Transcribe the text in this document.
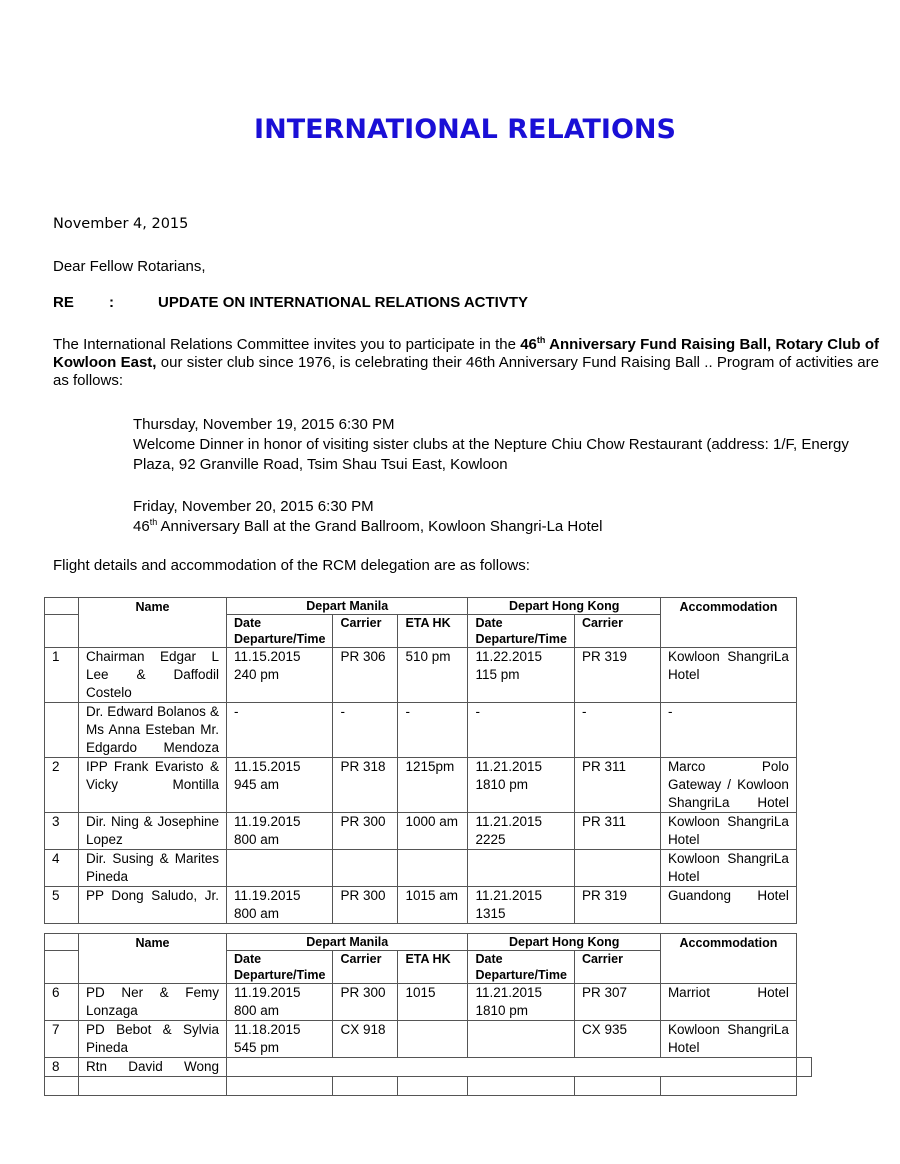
INTERNATIONAL RELATIONS
November 4, 2015
Dear Fellow Rotarians,
RE :	UPDATE ON INTERNATIONAL RELATIONS ACTIVTY
The International Relations Committee invites you to participate in the 46th Anniversary Fund Raising Ball, Rotary Club of Kowloon East, our sister club since 1976, is celebrating their 46th Anniversary Fund Raising Ball .. Program of activities are as follows:
Thursday, November 19, 2015 6:30 PM
Welcome Dinner in honor of visiting sister clubs at the Nepture Chiu Chow Restaurant (address: 1/F, Energy Plaza, 92 Granville Road, Tsim Shau Tsui East, Kowloon
Friday, November 20, 2015 6:30 PM
46th Anniversary Ball at the Grand Ballroom, Kowloon Shangri-La Hotel
Flight details and accommodation of the RCM delegation are as follows:
	Name	Depart Manila			Depart Hong Kong		Accommodation

		Date
Departure/Time	Carrier	ETA HK	Date
Departure/Time	Carrier	
1	Chairman Edgar L Lee & Daffodil Costelo	11.15.2015
240 pm	PR 306	510 pm	11.22.2015
115 pm	PR 319	Kowloon ShangriLa Hotel
	Dr. Edward Bolanos & Ms Anna Esteban Mr. Edgardo Mendoza	-	-	-	-	-	-
2	IPP Frank Evaristo & Vicky Montilla	11.15.2015
945 am	PR 318	1215pm	11.21.2015
1810 pm	PR 311	Marco Polo Gateway / Kowloon ShangriLa Hotel
3	Dir. Ning & Josephine Lopez	11.19.2015
800 am	PR 300	1000 am	11.21.2015
2225	PR 311	Kowloon ShangriLa Hotel
4	Dir. Susing & Marites Pineda						Kowloon ShangriLa Hotel
5	PP Dong Saludo, Jr.	11.19.2015
800 am	PR 300	1015 am	11.21.2015
1315	PR 319	Guandong Hotel
	Name	Depart Manila			Depart Hong Kong		Accommodation	

		Date
Departure/Time	Carrier	ETA HK	Date
Departure/Time	Carrier		
6	PD Ner & Femy Lonzaga	11.19.2015
800 am	PR 300	1015	11.21.2015
1810 pm	PR 307	Marriot Hotel	
7	PD Bebot & Sylvia Pineda	11.18.2015
545 pm	CX 918			CX 935	Kowloon ShangriLa Hotel	
8	Rtn David Wong							
